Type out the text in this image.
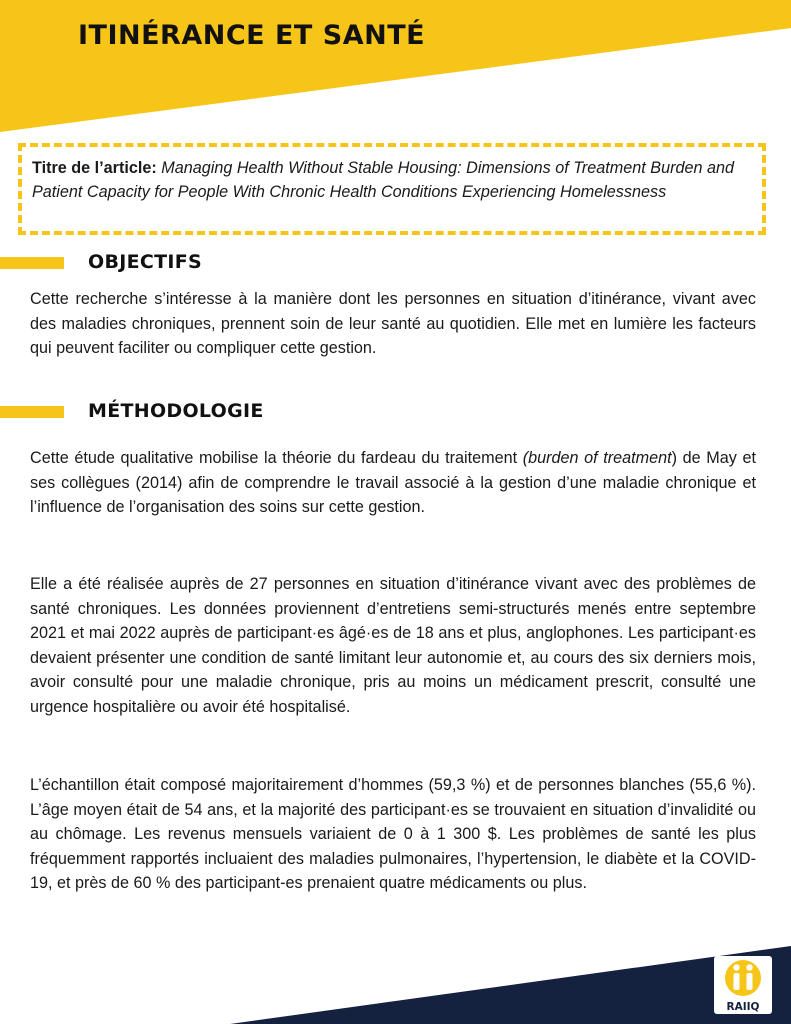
ITINÉRANCE ET SANTÉ
Titre de l’article: Managing Health Without Stable Housing: Dimensions of Treatment Burden and Patient Capacity for People With Chronic Health Conditions Experiencing Homelessness
OBJECTIFS

Cette recherche s’intéresse à la manière dont les personnes en situation d’itinérance, vivant avec des maladies chroniques, prennent soin de leur santé au quotidien. Elle met en lumière les facteurs qui peuvent faciliter ou compliquer cette gestion.

MÉTHODOLOGIE

Cette étude qualitative mobilise la théorie du fardeau du traitement (burden of treatment) de May et ses collègues (2014) afin de comprendre le travail associé à la gestion d’une maladie chronique et l’influence de l’organisation des soins sur cette gestion.

Elle a été réalisée auprès de 27 personnes en situation d’itinérance vivant avec des problèmes de santé chroniques. Les données proviennent d’entretiens semi-structurés menés entre septembre 2021 et mai 2022 auprès de participant·es âgé·es de 18 ans et plus, anglophones. Les participant·es devaient présenter une condition de santé limitant leur autonomie et, au cours des six derniers mois, avoir consulté pour une maladie chronique, pris au moins un médicament prescrit, consulté une urgence hospitalière ou avoir été hospitalisé.

L’échantillon était composé majoritairement d’hommes (59,3 %) et de personnes blanches (55,6 %). L’âge moyen était de 54 ans, et la majorité des participant·es se trouvaient en situation d’invalidité ou au chômage. Les revenus mensuels variaient de 0 à 1 300 $. Les problèmes de santé les plus fréquemment rapportés incluaient des maladies pulmonaires, l’hypertension, le diabète et la COVID-19, et près de 60 % des participant-es prenaient quatre médicaments ou plus.

RAIIQ
